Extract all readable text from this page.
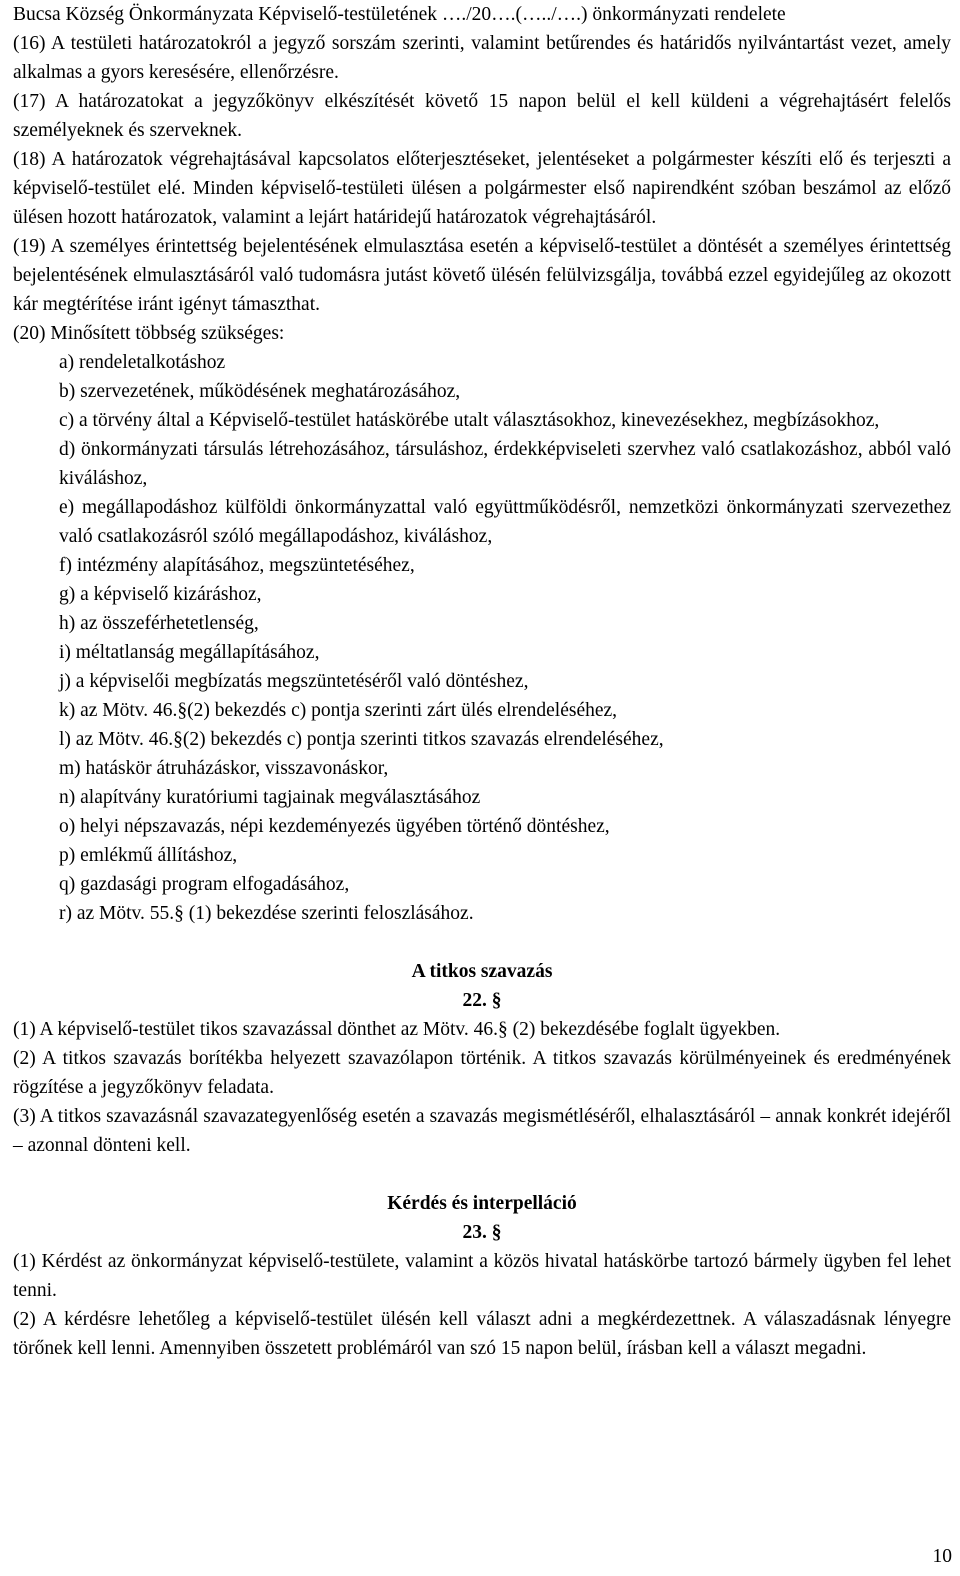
Bucsa Község Önkormányzata Képviselő-testületének …./20….(…../….) önkormányzati rendelete

(16) A testületi határozatokról a jegyző sorszám szerinti, valamint betűrendes és határidős nyilvántartást vezet, amely alkalmas a gyors keresésére, ellenőrzésre.

(17) A határozatokat a jegyzőkönyv elkészítését követő 15 napon belül el kell küldeni a végrehajtásért felelős személyeknek és szerveknek.

(18) A határozatok végrehajtásával kapcsolatos előterjesztéseket, jelentéseket a polgármester készíti elő és terjeszti a képviselő-testület elé. Minden képviselő-testületi ülésen a polgármester első napirendként szóban beszámol az előző ülésen hozott határozatok, valamint a lejárt határidejű határozatok végrehajtásáról.

(19) A személyes érintettség bejelentésének elmulasztása esetén a képviselő-testület a döntését a személyes érintettség bejelentésének elmulasztásáról való tudomásra jutást követő ülésén felülvizsgálja, továbbá ezzel egyidejűleg az okozott kár megtérítése iránt igényt támaszthat.

(20) Minősített többség szükséges:

a) rendeletalkotáshoz

b) szervezetének, működésének meghatározásához,

c) a törvény által a Képviselő-testület hatáskörébe utalt választásokhoz, kinevezésekhez, megbízásokhoz,

d) önkormányzati társulás létrehozásához, társuláshoz, érdekképviseleti szervhez való csatlakozáshoz, abból való kiváláshoz,

e) megállapodáshoz külföldi önkormányzattal való együttműködésről, nemzetközi önkormányzati szervezethez való csatlakozásról szóló megállapodáshoz, kiváláshoz,

f) intézmény alapításához, megszüntetéséhez,

g) a képviselő kizáráshoz,

h) az összeférhetetlenség,

i) méltatlanság megállapításához,

j) a képviselői megbízatás megszüntetéséről való döntéshez,

k) az Mötv. 46.§(2) bekezdés c) pontja szerinti zárt ülés elrendeléséhez,

l) az Mötv. 46.§(2) bekezdés c) pontja szerinti titkos szavazás elrendeléséhez,

m) hatáskör átruházáskor, visszavonáskor,

n) alapítvány kuratóriumi tagjainak megválasztásához

o) helyi népszavazás, népi kezdeményezés ügyében történő döntéshez,

p) emlékmű állításhoz,

q) gazdasági program elfogadásához,

r) az Mötv. 55.§ (1) bekezdése szerinti feloszlásához.

A titkos szavazás

22. §

(1) A képviselő-testület tikos szavazással dönthet az Mötv. 46.§ (2) bekezdésébe foglalt ügyekben.

(2) A titkos szavazás borítékba helyezett szavazólapon történik. A titkos szavazás körülményeinek és eredményének rögzítése a jegyzőkönyv feladata.

(3) A titkos szavazásnál szavazategyenlőség esetén a szavazás megismétléséről, elhalasztásáról – annak konkrét idejéről – azonnal dönteni kell.

Kérdés és interpelláció

23. §

(1) Kérdést az önkormányzat képviselő-testülete, valamint a közös hivatal hatáskörbe tartozó bármely ügyben fel lehet tenni.

(2) A kérdésre lehetőleg a képviselő-testület ülésén kell választ adni a megkérdezettnek. A válaszadásnak lényegre törőnek kell lenni. Amennyiben összetett problémáról van szó 15 napon belül, írásban kell a választ megadni.

10
